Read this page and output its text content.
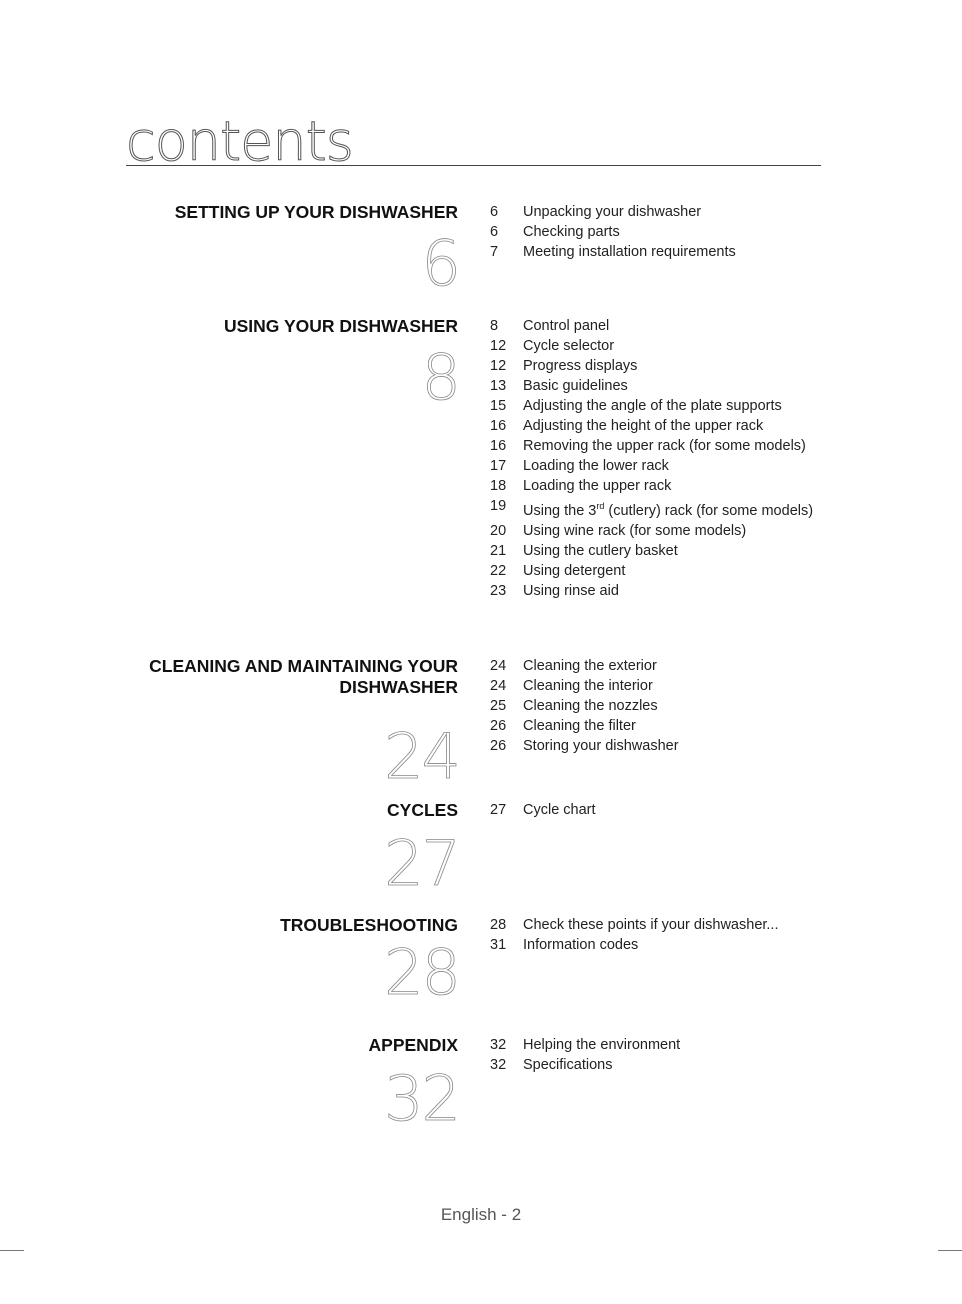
contents
SETTING UP YOUR DISHWASHER
6
6	Unpacking your dishwasher
6	Checking parts
7	Meeting installation requirements
USING YOUR DISHWASHER
8
8	Control panel
12	Cycle selector
12	Progress displays
13	Basic guidelines
15	Adjusting the angle of the plate supports
16	Adjusting the height of the upper rack
16	Removing the upper rack (for some models)
17	Loading the lower rack
18	Loading the upper rack
19	Using the 3rd (cutlery) rack (for some models)
20	Using wine rack (for some models)
21	Using the cutlery basket
22	Using detergent
23	Using rinse aid
CLEANING AND MAINTAINING YOUR
DISHWASHER
24
24	Cleaning the exterior
24	Cleaning the interior
25	Cleaning the nozzles
26	Cleaning the filter
26	Storing your dishwasher
CYCLES
27
27	Cycle chart
TROUBLESHOOTING
28
28	Check these points if your dishwasher...
31	Information codes
APPENDIX
32
32	Helping the environment
32	Specifications
English - 2
